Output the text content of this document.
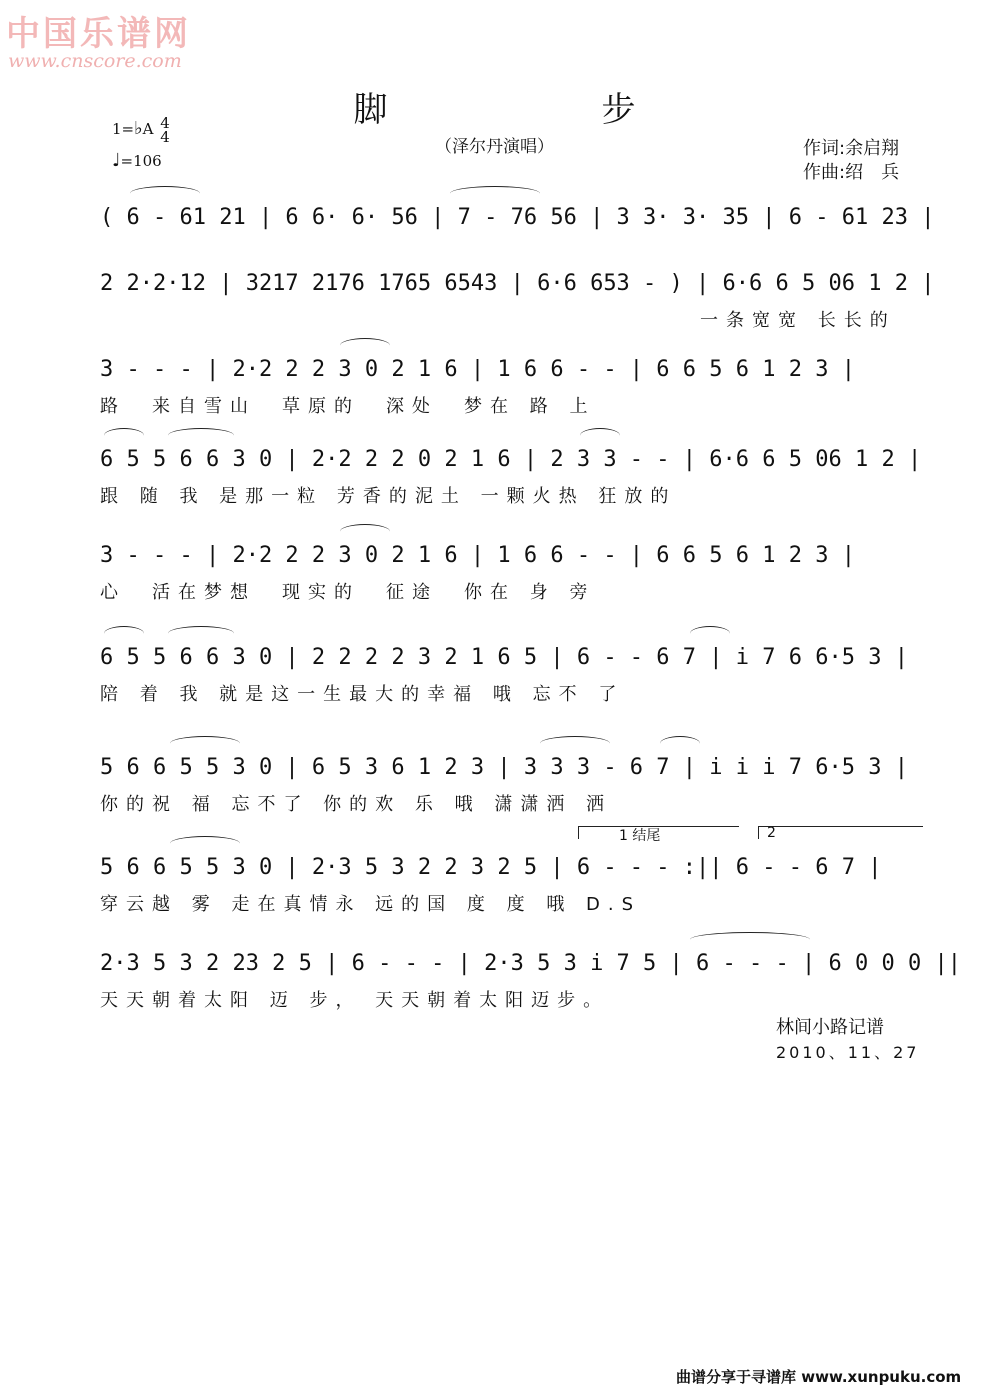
中国乐谱网
www.cnscore.com
脚　步
（泽尔丹演唱）	作词:余启翔
作曲:绍　兵
1=♭A 4
4
♩=106
( 6 - 61 21 | 6 6· 6· 56 | 7 - 76 56 | 3 3· 3· 35 | 6 - 61 23 |
2 2·2·12 | 3217 2176 1765 6543 | 6·6 653 - ) | 6·6 6 5 06 1 2 |
一条宽宽 长长的
3 - - - | 2·2 2 2 3 0 2 1 6 | 1 6 6 - - | 6 6 5 6 1 2 3 |
路　来自雪山　草原的　深处　梦在 路 上
6 5 5 6 6 3 0 | 2·2 2 2 0 2 1 6 | 2 3 3 - - | 6·6 6 5 06 1 2 |
跟 随 我 是那一粒 芳香的泥土 一颗火热 狂放的
3 - - - | 2·2 2 2 3 0 2 1 6 | 1 6 6 - - | 6 6 5 6 1 2 3 |
心　活在梦想　现实的　征途　你在 身 旁
6 5 5 6 6 3 0 | 2 2 2 2 3 2 1 6 5 | 6 - - 6 7 | i 7 6 6·5 3 |
陪 着 我 就是这一生最大的幸福 哦 忘不 了
5 6 6 5 5 3 0 | 6 5 3 6 1 2 3 | 3 3 3 - 6 7 | i i i 7 6·5 3 |
你的祝 福 忘不了 你的欢 乐 哦 潇潇洒 洒
1 结尾	2
5 6 6 5 5 3 0 | 2·3 5 3 2 2 3 2 5 | 6 - - - :|| 6 - - 6 7 |
穿云越 雾 走在真情永 远的国 度 度 哦 D.S
2·3 5 3 2 23 2 5 | 6 - - - | 2·3 5 3 i 7 5 | 6 - - - | 6 0 0 0 ||
天天朝着太阳 迈 步， 天天朝着太阳迈步。
林间小路记谱
2010、11、27
曲谱分享于寻谱库 www.xunpuku.com
